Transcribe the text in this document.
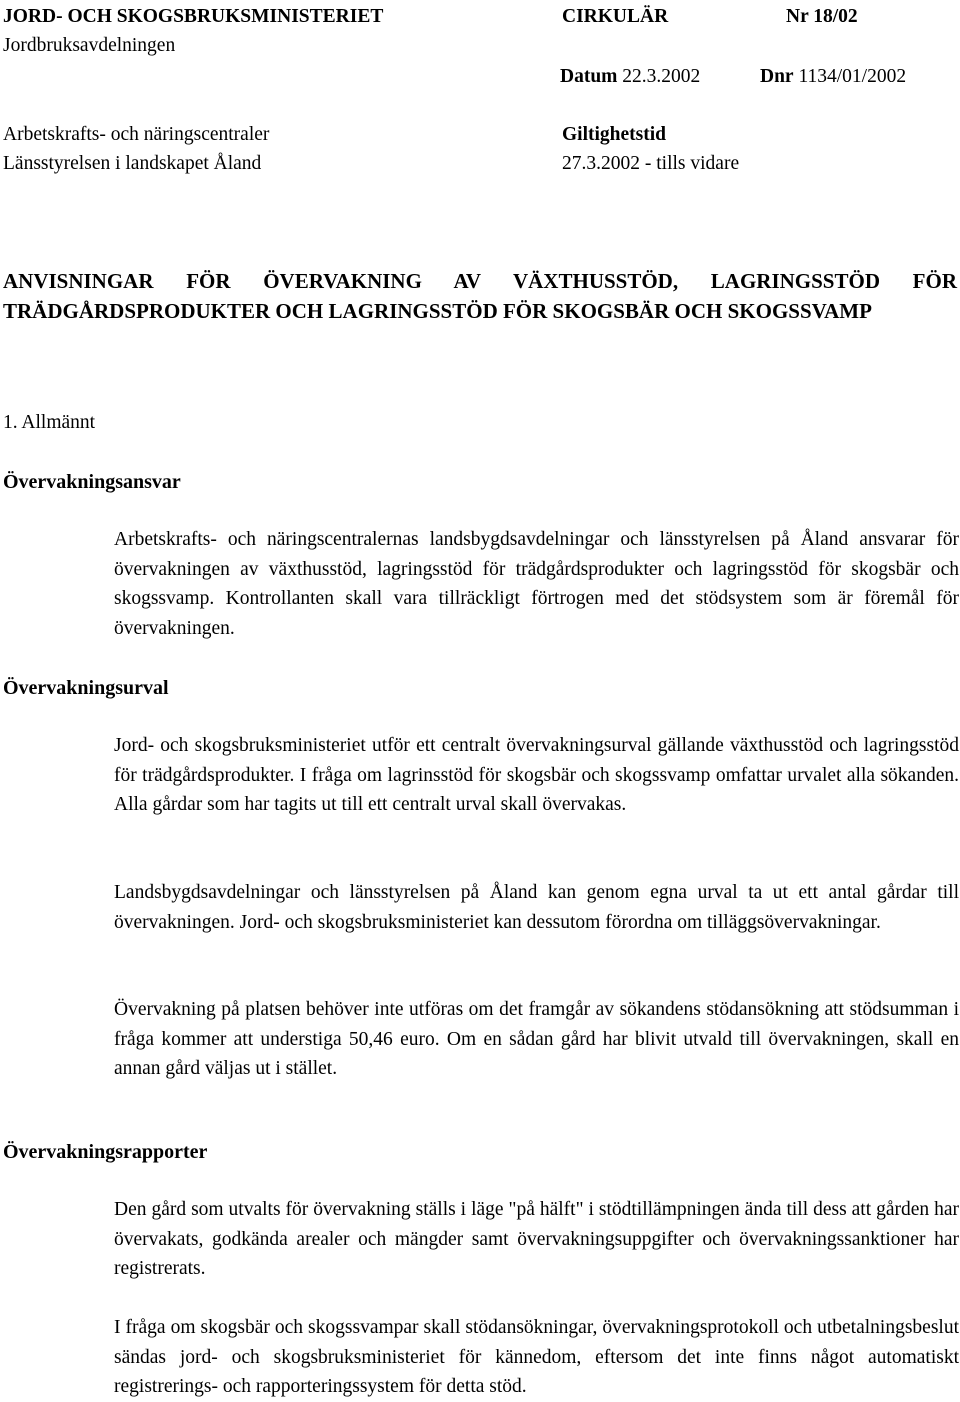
JORD- OCH SKOGSBRUKSMINISTERIET
Jordbruksavdelningen
CIRKULÄR	Nr 18/02
Datum 22.3.2002	Dnr 1134/01/2002
Arbetskrafts- och näringscentraler
Länsstyrelsen i landskapet Åland
Giltighetstid
27.3.2002 - tills vidare

ANVISNINGAR FÖR ÖVERVAKNING AV VÄXTHUSSTÖD, LAGRINGSSTÖD FÖR TRÄDGÅRDSPRODUKTER OCH LAGRINGSSTÖD FÖR SKOGSBÄR OCH SKOGSSVAMP

1. Allmännt

Övervakningsansvar

Arbetskrafts- och näringscentralernas landsbygdsavdelningar och länsstyrelsen på Åland ansvarar för övervakningen av växthusstöd, lagringsstöd för trädgårdsprodukter och lagringsstöd för skogsbär och skogssvamp. Kontrollanten skall vara tillräckligt förtrogen med det stödsystem som är föremål för övervakningen.

Övervakningsurval

Jord- och skogsbruksministeriet utför ett centralt övervakningsurval gällande växthusstöd och lagringsstöd för trädgårdsprodukter. I fråga om lagrinsstöd för skogsbär och skogssvamp omfattar urvalet alla sökanden. Alla gårdar som har tagits ut till ett centralt urval skall övervakas.

Landsbygdsavdelningar och länsstyrelsen på Åland kan genom egna urval ta ut ett antal gårdar till övervakningen. Jord- och skogsbruksministeriet kan dessutom förordna om tilläggsövervakningar.

Övervakning på platsen behöver inte utföras om det framgår av sökandens stödansökning att stödsumman i fråga kommer att understiga 50,46 euro. Om en sådan gård har blivit utvald till övervakningen, skall en annan gård väljas ut i stället.

Övervakningsrapporter

Den gård som utvalts för övervakning ställs i läge "på hälft" i stödtillämpningen ända till dess att gården har övervakats, godkända arealer och mängder samt övervakningsuppgifter och övervakningssanktioner har registrerats.

I fråga om skogsbär och skogssvampar skall stödansökningar, övervakningsprotokoll och utbetalningsbeslut sändas jord- och skogsbruksministeriet för kännedom, eftersom det inte finns något automatiskt registrerings- och rapporteringssystem för detta stöd.
